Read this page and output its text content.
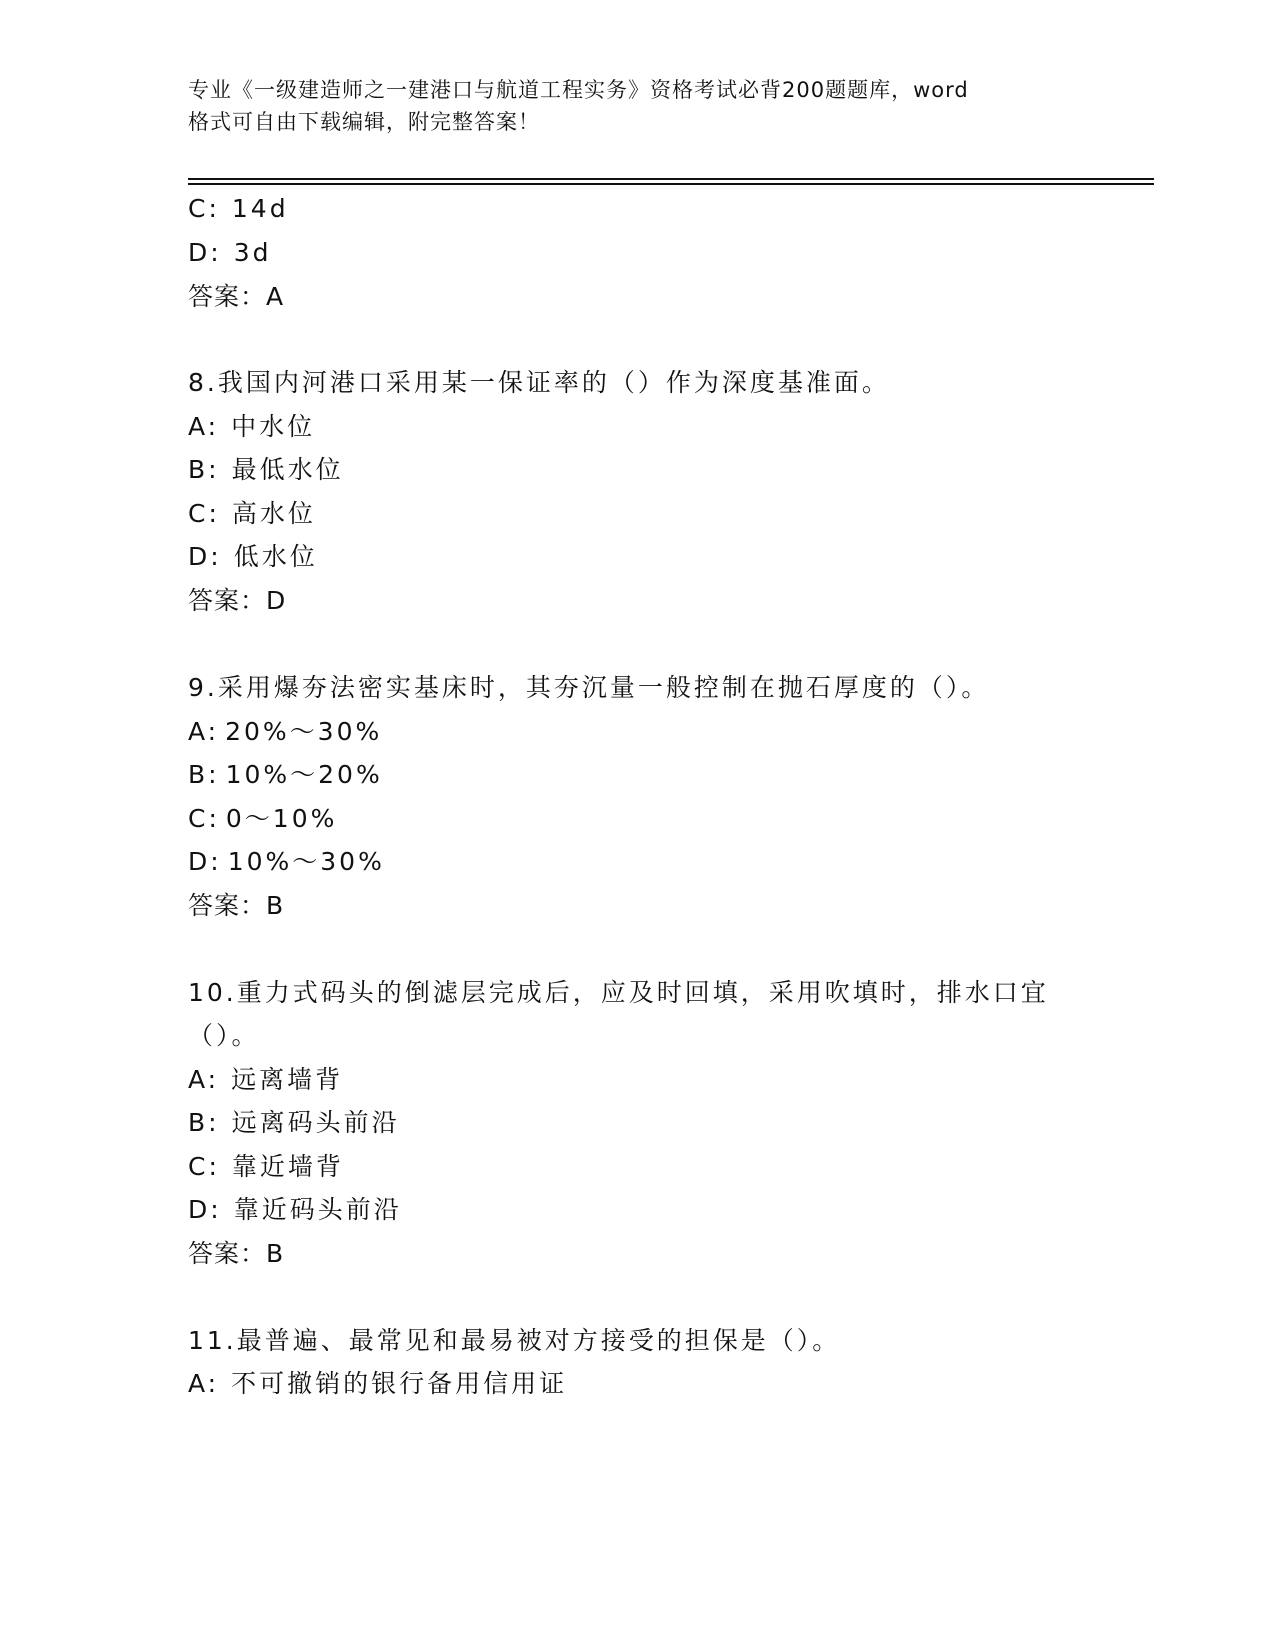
专业《一级建造师之一建港口与航道工程实务》资格考试必背200题题库，word
格式可自由下载编辑，附完整答案！
C: 14d
D: 3d
答案：A
8.我国内河港口采用某一保证率的（）作为深度基准面。
A: 中水位
B: 最低水位
C: 高水位
D: 低水位
答案：D
9.采用爆夯法密实基床时，其夯沉量一般控制在抛石厚度的（）。
A: 20%～30%
B: 10%～20%
C: 0～10%
D: 10%～30%
答案：B
10.重力式码头的倒滤层完成后，应及时回填，采用吹填时，排水口宜
（）。
A: 远离墙背
B: 远离码头前沿
C: 靠近墙背
D: 靠近码头前沿
答案：B
11.最普遍、最常见和最易被对方接受的担保是（）。
A: 不可撤销的银行备用信用证
